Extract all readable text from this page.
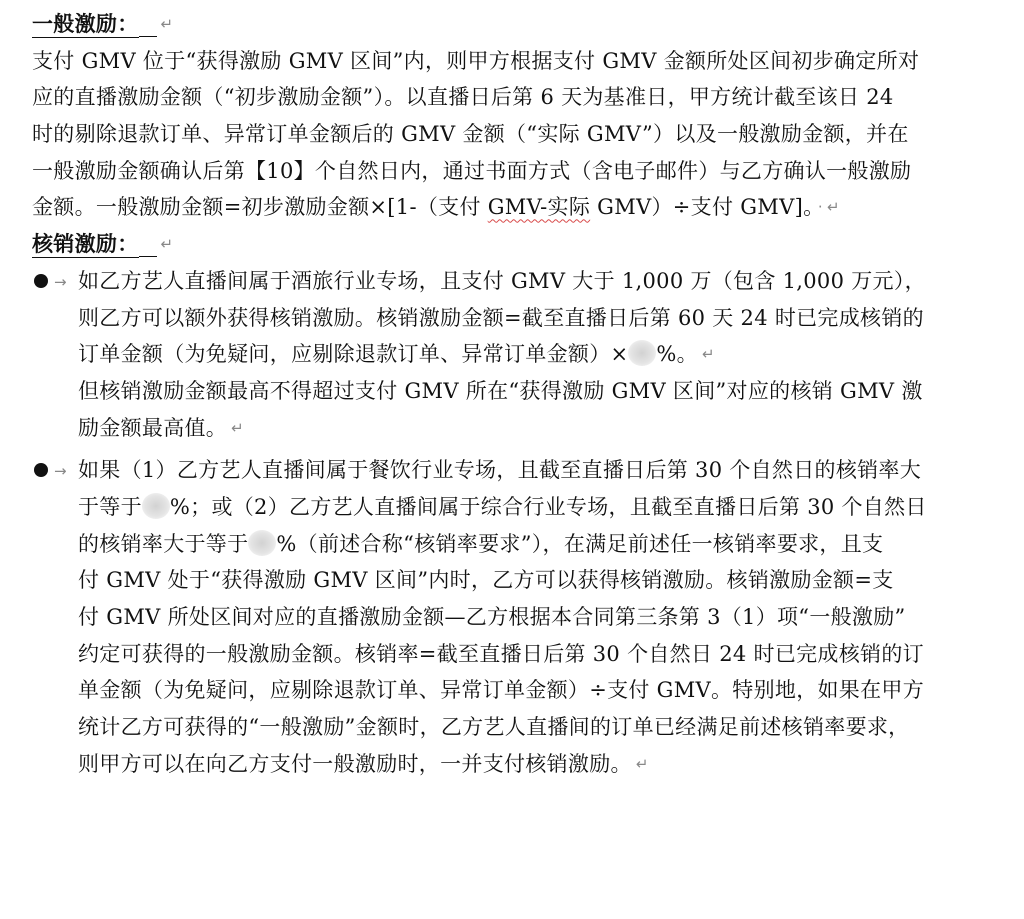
一般激励： ↵
支付 GMV 位于“获得激励 GMV 区间”内，则甲方根据支付 GMV 金额所处区间初步确定所对
应的直播激励金额（“初步激励金额”）。以直播日后第 6 天为基准日，甲方统计截至该日 24
时的剔除退款订单、异常订单金额后的 GMV 金额（“实际 GMV”）以及一般激励金额，并在
一般激励金额确认后第【10】个自然日内，通过书面方式（含电子邮件）与乙方确认一般激励
金额。一般激励金额=初步激励金额×[1-（支付 GMV-实际 GMV）÷支付 GMV]。 · ↵
核销激励： ↵
→ 如乙方艺人直播间属于酒旅行业专场，且支付 GMV 大于 1,000 万（包含 1,000 万元），
则乙方可以额外获得核销激励。核销激励金额=截至直播日后第 60 天 24 时已完成核销的
订单金额（为免疑问，应剔除退款订单、异常订单金额）× %。 ↵
但核销激励金额最高不得超过支付 GMV 所在“获得激励 GMV 区间”对应的核销 GMV 激
励金额最高值。 ↵
→ 如果（1）乙方艺人直播间属于餐饮行业专场，且截至直播日后第 30 个自然日的核销率大
于等于 %；或（2）乙方艺人直播间属于综合行业专场，且截至直播日后第 30 个自然日
的核销率大于等于 %（前述合称“核销率要求”），在满足前述任一核销率要求，且支
付 GMV 处于“获得激励 GMV 区间”内时，乙方可以获得核销激励。核销激励金额=支
付 GMV 所处区间对应的直播激励金额—乙方根据本合同第三条第 3（1）项“一般激励”
约定可获得的一般激励金额。核销率=截至直播日后第 30 个自然日 24 时已完成核销的订
单金额（为免疑问，应剔除退款订单、异常订单金额）÷支付 GMV。特别地，如果在甲方
统计乙方可获得的“一般激励”金额时，乙方艺人直播间的订单已经满足前述核销率要求，
则甲方可以在向乙方支付一般激励时，一并支付核销激励。 ↵
